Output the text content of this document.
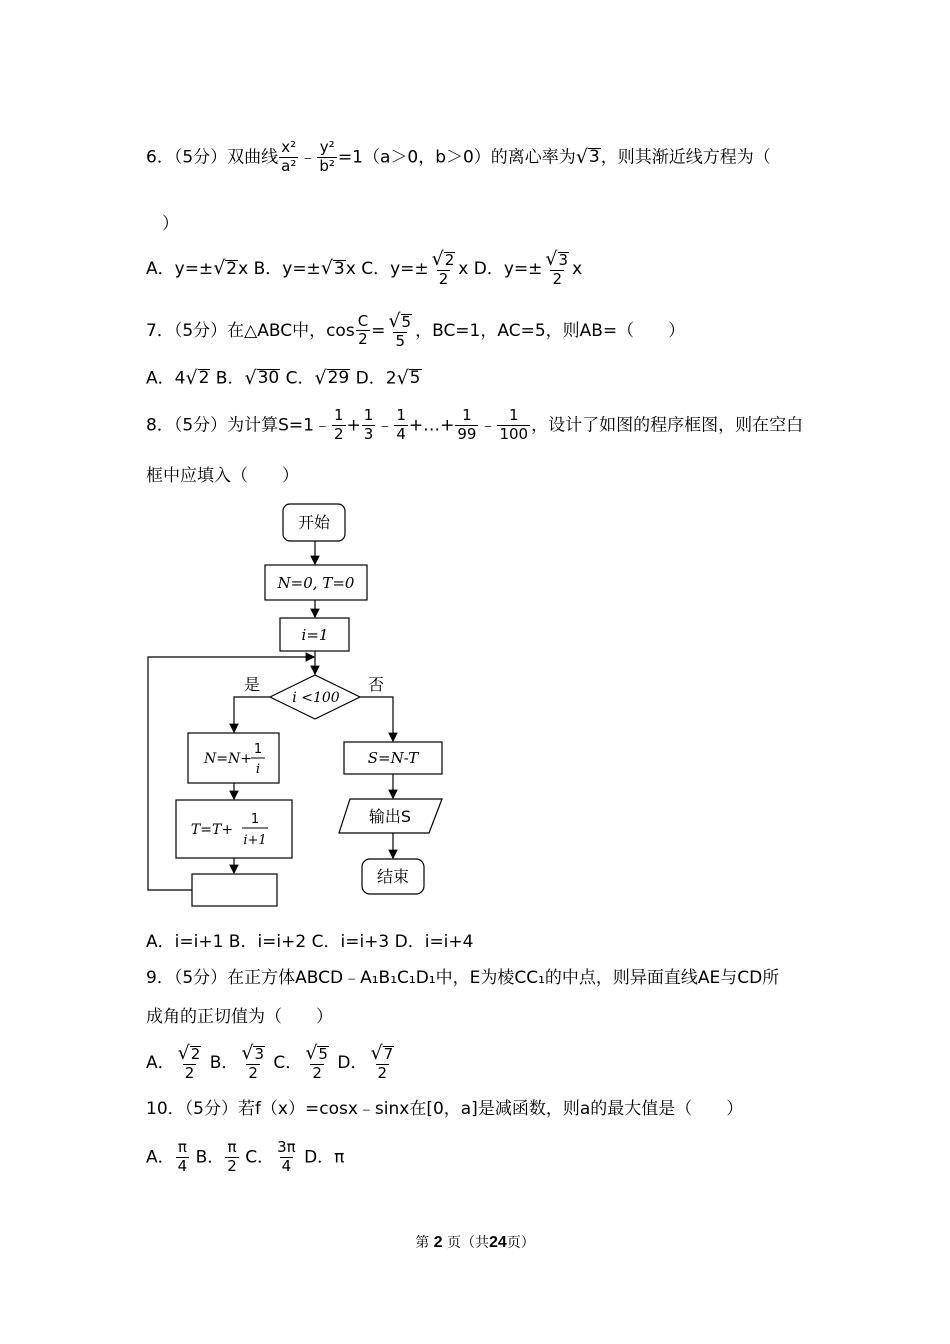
6．（5分）双曲线 $\frac{\text{x²}}{\text{a²}}$ ﹣ $\frac{\text{y²}}{\text{b²}} =1(a>0$，b＞0）的离心率为 √ 3 ，则其渐近线方程为（
）
A．y=± √ 2 x B．y=± √ 3 x C．$y=\pm \frac{√ 2}{2}$ x D．$y=\pm \frac{√ 3}{2}$ x
7．（5分）在△ABC中，$\cos \frac{C}{2} = \frac{√ 5}{5}$ ，BC=1，AC=5，则AB=（　　）
A．4 √ 2 B． √ 30 C． √ 29 D．2 √ 5
8．（5分）为计算S=1﹣ $\frac{1}{2} + \frac{1}{3}$ ﹣ $\frac{1}{4}$ +…+ $\frac{1}{99}$ ﹣ $\frac{1}{100}$ ，设计了如图的程序框图，则在空白
框中应填入（　　）
开始
N=0, T=0
i=1
i <100
是	否
N=N+
1
i
T=T+
1
i+1
S=N-T
输出S
结束
A．i=i+1 B．i=i+2 C．i=i+3 D．i=i+4
9．（5分）在正方体ABCD﹣A₁B₁C₁D₁中，E为棱CC₁的中点，则异面直线AE与CD所
成角的正切值为（　　）
A． $\frac{√ 2}{2}$ B． $\frac{√ 3}{2}$ C． $\frac{√ 5}{2}$ D． $\frac{√ 7}{2}$
10．（5分）若f（x）=cosx﹣sinx在[0，a]是减函数，则a的最大值是（　　）
A． $\frac{\pi}{4}$ B． $\frac{\pi}{2}$ C． $\frac{3\pi}{4}$ D．π
第 2 页（共24页）
